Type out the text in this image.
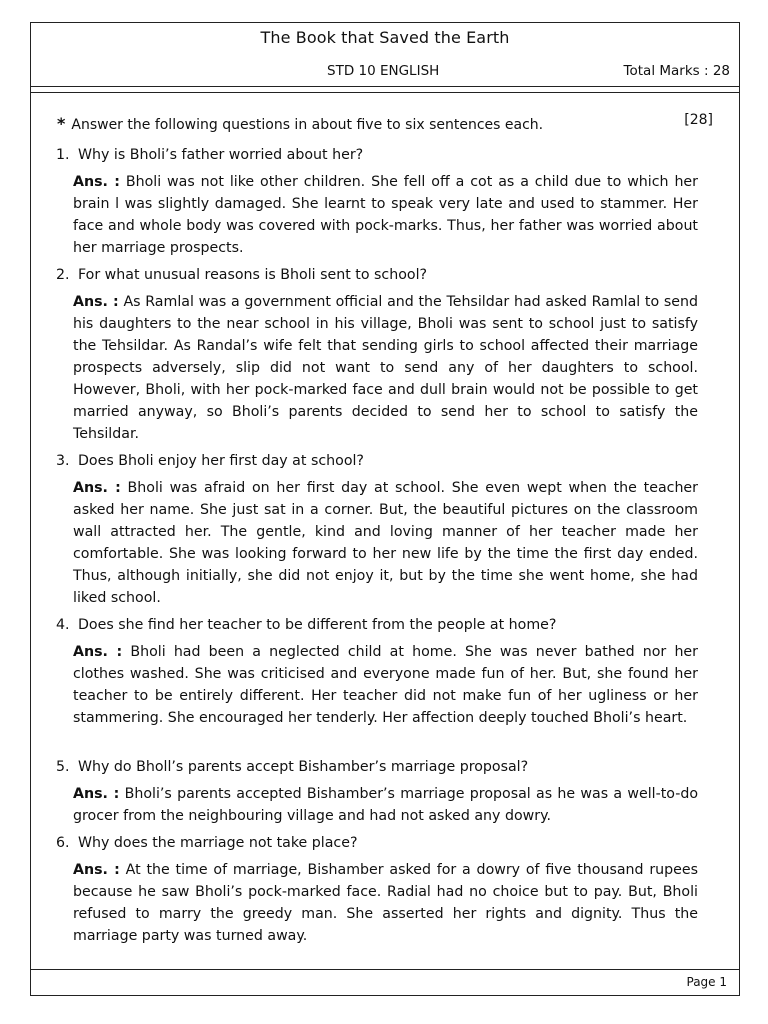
The Book that Saved the Earth
STD 10 ENGLISH	Total Marks : 28
* Answer the following questions in about five to six sentences each.	[28]
1. Why is Bholi’s father worried about her?
Ans. : Bholi was not like other children. She fell off a cot as a child due to which her brain l was slightly damaged. She learnt to speak very late and used to stammer. Her face and whole body was covered with pock-marks. Thus, her father was worried about her marriage prospects.
2. For what unusual reasons is Bholi sent to school?
Ans. : As Ramlal was a government official and the Tehsildar had asked Ramlal to send his daughters to the near school in his village, Bholi was sent to school just to satisfy the Tehsildar. As Randal’s wife felt that sending girls to school affected their marriage prospects adversely, slip did not want to send any of her daughters to school. However, Bholi, with her pock-marked face and dull brain would not be possible to get married anyway, so Bholi’s parents decided to send her to school to satisfy the Tehsildar.
3. Does Bholi enjoy her first day at school?
Ans. : Bholi was afraid on her first day at school. She even wept when the teacher asked her name. She just sat in a corner. But, the beautiful pictures on the classroom wall attracted her. The gentle, kind and loving manner of her teacher made her comfortable. She was looking forward to her new life by the time the first day ended. Thus, although initially, she did not enjoy it, but by the time she went home, she had liked school.
4. Does she find her teacher to be different from the people at home?
Ans. : Bholi had been a neglected child at home. She was never bathed nor her clothes washed. She was criticised and everyone made fun of her. But, she found her teacher to be entirely different. Her teacher did not make fun of her ugliness or her stammering. She encouraged her tenderly. Her affection deeply touched Bholi’s heart.
5. Why do Bholl’s parents accept Bishamber’s marriage proposal?
Ans. : Bholi’s parents accepted Bishamber’s marriage proposal as he was a well-to-do grocer from the neighbouring village and had not asked any dowry.
6. Why does the marriage not take place?
Ans. : At the time of marriage, Bishamber asked for a dowry of five thousand rupees because he saw Bholi’s pock-marked face. Radial had no choice but to pay. But, Bholi refused to marry the greedy man. She asserted her rights and dignity. Thus the marriage party was turned away.
Page 1
